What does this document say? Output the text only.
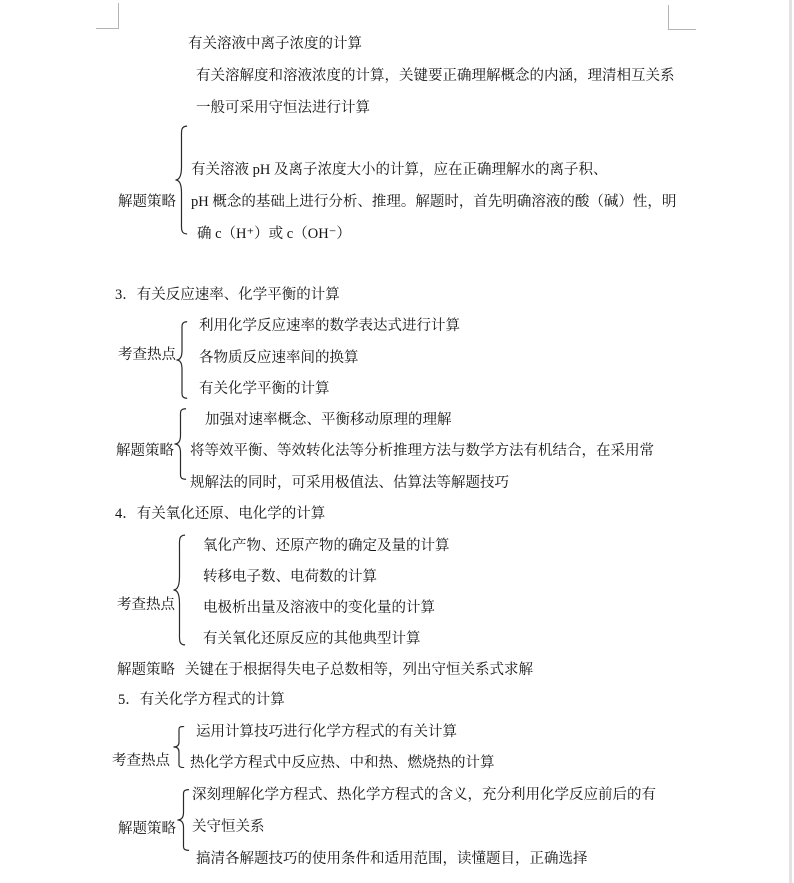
有关溶液中离子浓度的计算
有关溶解度和溶液浓度的计算，关键要正确理解概念的内涵，理清相互关系
一般可采用守恒法进行计算
解题策略
有关溶液 pH 及离子浓度大小的计算，应在正确理解水的离子积、
pH 概念的基础上进行分析、推理。解题时，首先明确溶液的酸（碱）性，明
确 c（H⁺）或 c（OH⁻）
3．有关反应速率、化学平衡的计算
考查热点
利用化学反应速率的数学表达式进行计算
各物质反应速率间的换算
有关化学平衡的计算
解题策略
加强对速率概念、平衡移动原理的理解
将等效平衡、等效转化法等分析推理方法与数学方法有机结合，在采用常
规解法的同时，可采用极值法、估算法等解题技巧
4．有关氧化还原、电化学的计算
考查热点
氧化产物、还原产物的确定及量的计算
转移电子数、电荷数的计算
电极析出量及溶液中的变化量的计算
有关氧化还原反应的其他典型计算
解题策略 关键在于根据得失电子总数相等，列出守恒关系式求解
5．有关化学方程式的计算
考查热点
运用计算技巧进行化学方程式的有关计算
热化学方程式中反应热、中和热、燃烧热的计算
解题策略
深刻理解化学方程式、热化学方程式的含义，充分利用化学反应前后的有
关守恒关系
搞清各解题技巧的使用条件和适用范围，读懂题目，正确选择
